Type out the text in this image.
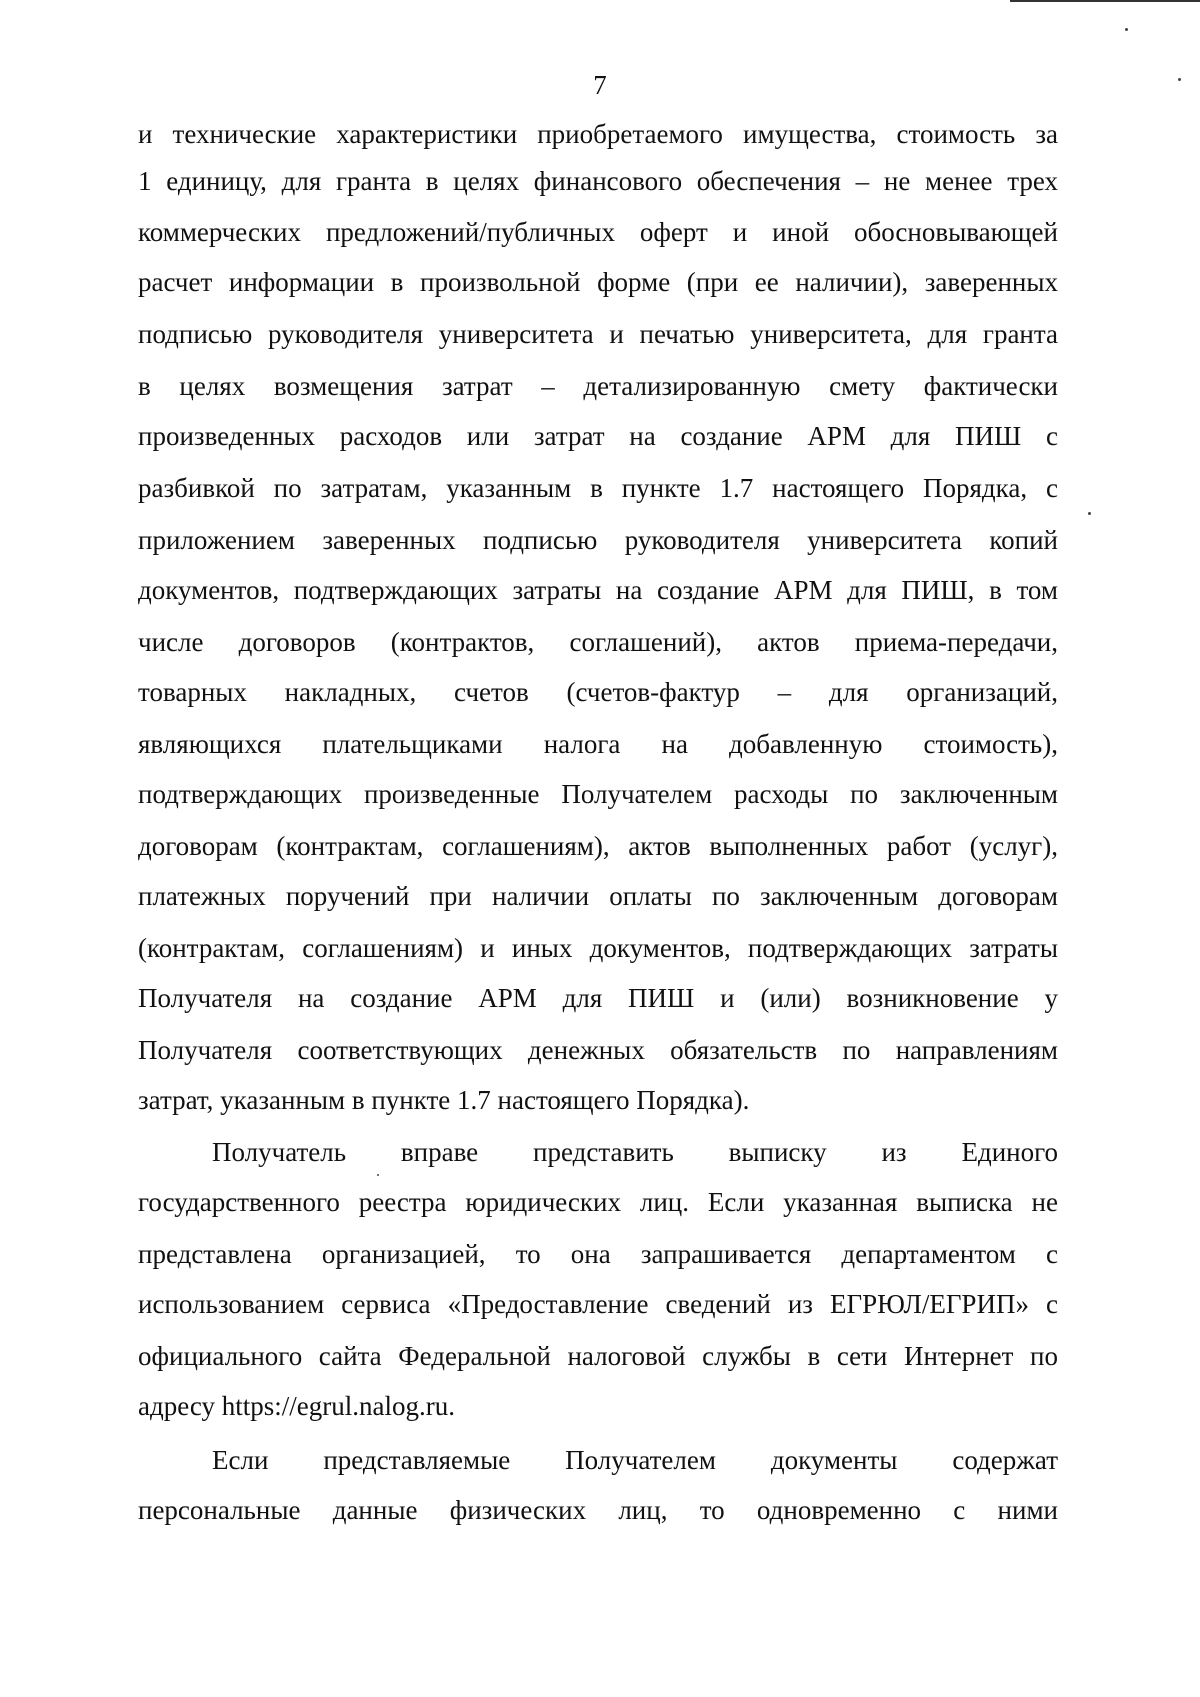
7
и технические характеристики приобретаемого имущества, стоимость за
1 единицу, для гранта в целях финансового обеспечения – не менее трех
коммерческих предложений/публичных оферт и иной обосновывающей
расчет информации в произвольной форме (при ее наличии), заверенных
подписью руководителя университета и печатью университета, для гранта
в целях возмещения затрат – детализированную смету фактически
произведенных расходов или затрат на создание АРМ для ПИШ с
разбивкой по затратам, указанным в пункте 1.7 настоящего Порядка, с
приложением заверенных подписью руководителя университета копий
документов, подтверждающих затраты на создание АРМ для ПИШ, в том
числе договоров (контрактов, соглашений), актов приема-передачи,
товарных накладных, счетов (счетов-фактур – для организаций,
являющихся плательщиками налога на добавленную стоимость),
подтверждающих произведенные Получателем расходы по заключенным
договорам (контрактам, соглашениям), актов выполненных работ (услуг),
платежных поручений при наличии оплаты по заключенным договорам
(контрактам, соглашениям) и иных документов, подтверждающих затраты
Получателя на создание АРМ для ПИШ и (или) возникновение у
Получателя соответствующих денежных обязательств по направлениям
затрат, указанным в пункте 1.7 настоящего Порядка).
Получатель вправе представить выписку из Единого
государственного реестра юридических лиц. Если указанная выписка не
представлена организацией, то она запрашивается департаментом с
использованием сервиса «Предоставление сведений из ЕГРЮЛ/ЕГРИП» с
официального сайта Федеральной налоговой службы в сети Интернет по
адресу https://egrul.nalog.ru.
Если представляемые Получателем документы содержат
персональные данные физических лиц, то одновременно с ними
